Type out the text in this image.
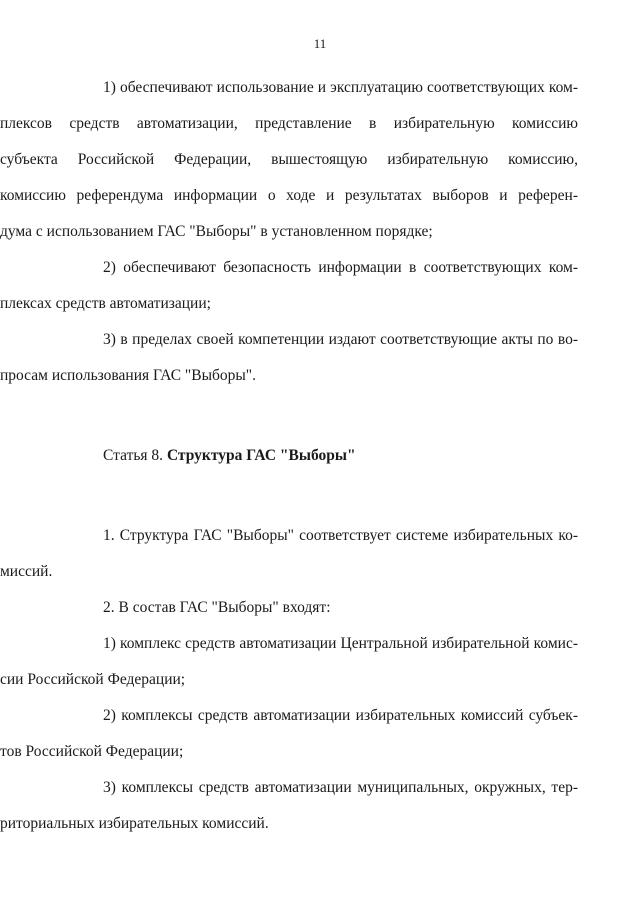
11
1) обеспечивают использование и эксплуатацию соответствующих ком-
плексов средств автоматизации, представление в избирательную комиссию
субъекта Российской Федерации, вышестоящую избирательную комиссию,
комиссию референдума информации о ходе и результатах выборов и референ-
дума с использованием ГАС "Выборы" в установленном порядке;
2) обеспечивают безопасность информации в соответствующих ком-
плексах средств автоматизации;
3) в пределах своей компетенции издают соответствующие акты по во-
просам использования ГАС "Выборы".
Статья 8. Структура ГАС "Выборы"
1. Структура ГАС "Выборы" соответствует системе избирательных ко-
миссий.
2. В состав ГАС "Выборы" входят:
1) комплекс средств автоматизации Центральной избирательной комис-
сии Российской Федерации;
2) комплексы средств автоматизации избирательных комиссий субъек-
тов Российской Федерации;
3) комплексы средств автоматизации муниципальных, окружных, тер-
риториальных избирательных комиссий.
